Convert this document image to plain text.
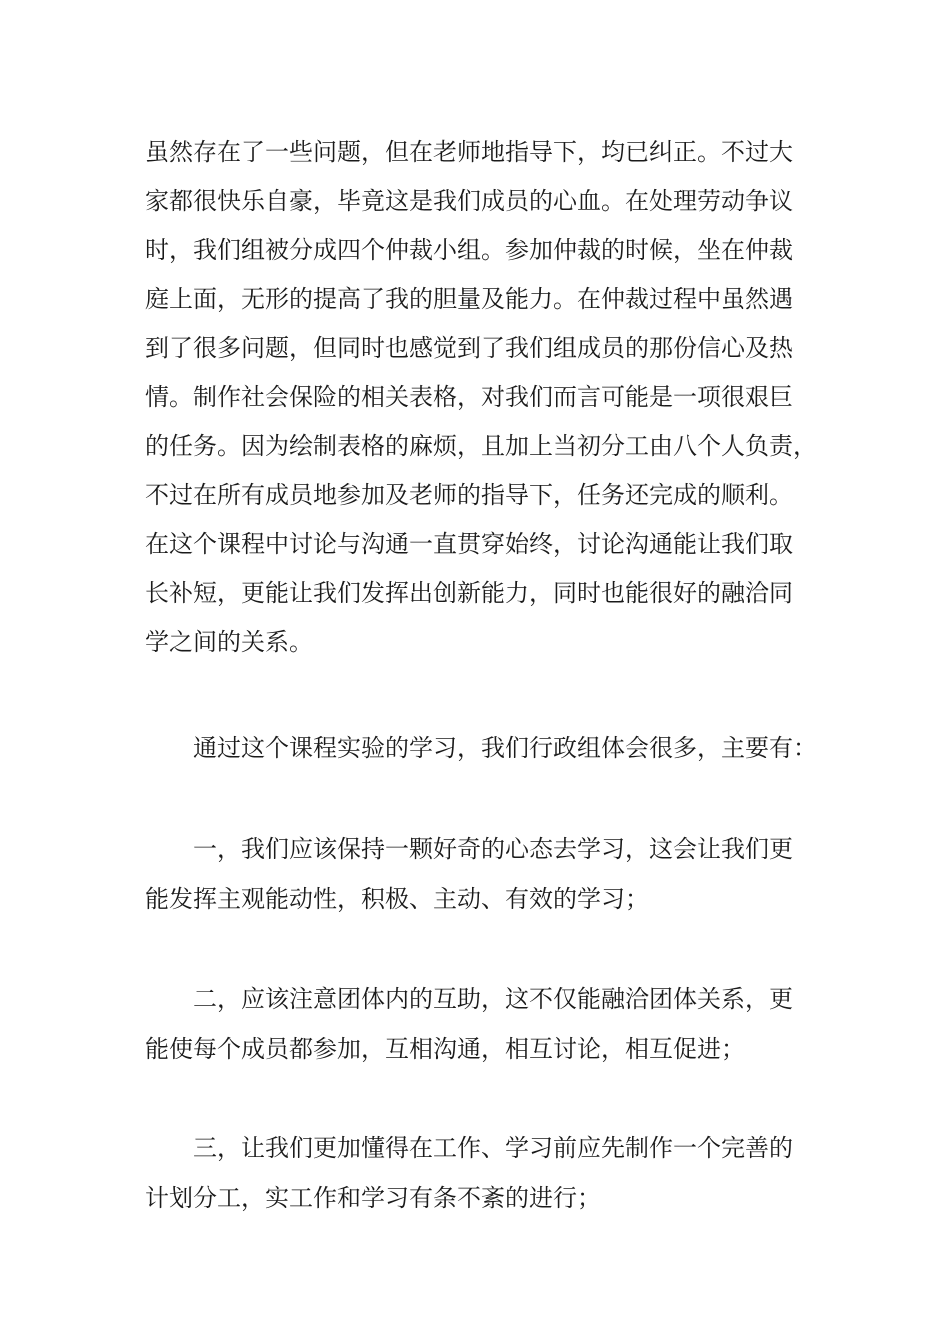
虽然存在了一些问题，但在老师地指导下，均已纠正。不过大
家都很快乐自豪，毕竟这是我们成员的心血。在处理劳动争议
时，我们组被分成四个仲裁小组。参加仲裁的时候，坐在仲裁
庭上面，无形的提高了我的胆量及能力。在仲裁过程中虽然遇
到了很多问题，但同时也感觉到了我们组成员的那份信心及热
情。制作社会保险的相关表格，对我们而言可能是一项很艰巨
的任务。因为绘制表格的麻烦，且加上当初分工由八个人负责，
不过在所有成员地参加及老师的指导下，任务还完成的顺利。
在这个课程中讨论与沟通一直贯穿始终，讨论沟通能让我们取
长补短，更能让我们发挥出创新能力，同时也能很好的融洽同
学之间的关系。
通过这个课程实验的学习，我们行政组体会很多，主要有：
一，我们应该保持一颗好奇的心态去学习，这会让我们更
能发挥主观能动性，积极、主动、有效的学习；
二，应该注意团体内的互助，这不仅能融洽团体关系，更
能使每个成员都参加，互相沟通，相互讨论，相互促进；
三，让我们更加懂得在工作、学习前应先制作一个完善的
计划分工，实工作和学习有条不紊的进行；
